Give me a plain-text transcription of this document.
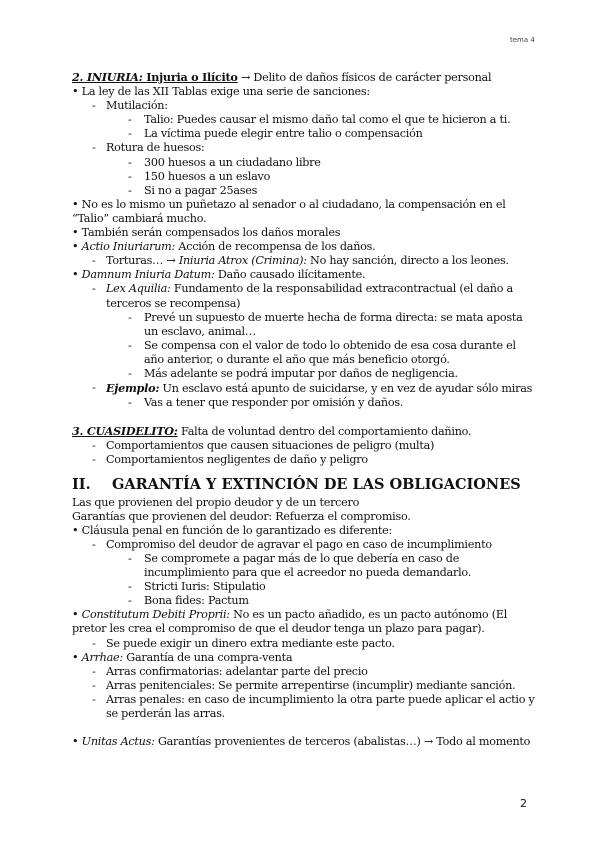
tema 4
2. INIURIA: Injuria o Ilícito → Delito de daños físicos de carácter personal
• La ley de las XII Tablas exige una serie de sanciones:
- Mutilación:
- Talio: Puedes causar el mismo daño tal como el que te hicieron a ti.
- La víctima puede elegir entre talio o compensación
- Rotura de huesos:
- 300 huesos a un ciudadano libre
- 150 huesos a un eslavo
- Si no a pagar 25ases
• No es lo mismo un puñetazo al senador o al ciudadano, la compensación en el “Talio” cambiará mucho.
• También serán compensados los daños morales
• Actio Iniuriarum: Acción de recompensa de los daños.
- Torturas… → Iniuria Atrox (Crimina): No hay sanción, directo a los leones.
• Damnum Iniuria Datum: Daño causado ilícitamente.
- Lex Aquilia: Fundamento de la responsabilidad extracontractual (el daño a terceros se recompensa)
- Prevé un supuesto de muerte hecha de forma directa: se mata aposta un esclavo, animal…
- Se compensa con el valor de todo lo obtenido de esa cosa durante el año anterior, o durante el año que más beneficio otorgó.
- Más adelante se podrá imputar por daños de negligencia.
- Ejemplo: Un esclavo está apunto de suicidarse, y en vez de ayudar sólo miras
- Vas a tener que responder por omisión y daños.
3. CUASIDELITO: Falta de voluntad dentro del comportamiento dañino.
- Comportamientos que causen situaciones de peligro (multa)
- Comportamientos negligentes de daño y peligro
II. GARANTÍA Y EXTINCIÓN DE LAS OBLIGACIONES
Las que provienen del propio deudor y de un tercero
Garantías que provienen del deudor: Refuerza el compromiso.
• Cláusula penal en función de lo garantizado es diferente:
- Compromiso del deudor de agravar el pago en caso de incumplimiento
- Se compromete a pagar más de lo que debería en caso de incumplimiento para que el acreedor no pueda demandarlo.
- Stricti Iuris: Stipulatio
- Bona fides: Pactum
• Constitutum Debiti Proprii: No es un pacto añadido, es un pacto autónomo (El pretor les crea el compromiso de que el deudor tenga un plazo para pagar).
- Se puede exigir un dinero extra mediante este pacto.
• Arrhae: Garantía de una compra-venta
- Arras confirmatorias: adelantar parte del precio
- Arras penitenciales: Se permite arrepentirse (incumplir) mediante sanción.
- Arras penales: en caso de incumplimiento la otra parte puede aplicar el actio y se perderán las arras.
• Unitas Actus: Garantías provenientes de terceros (abalistas…) → Todo al momento
2
